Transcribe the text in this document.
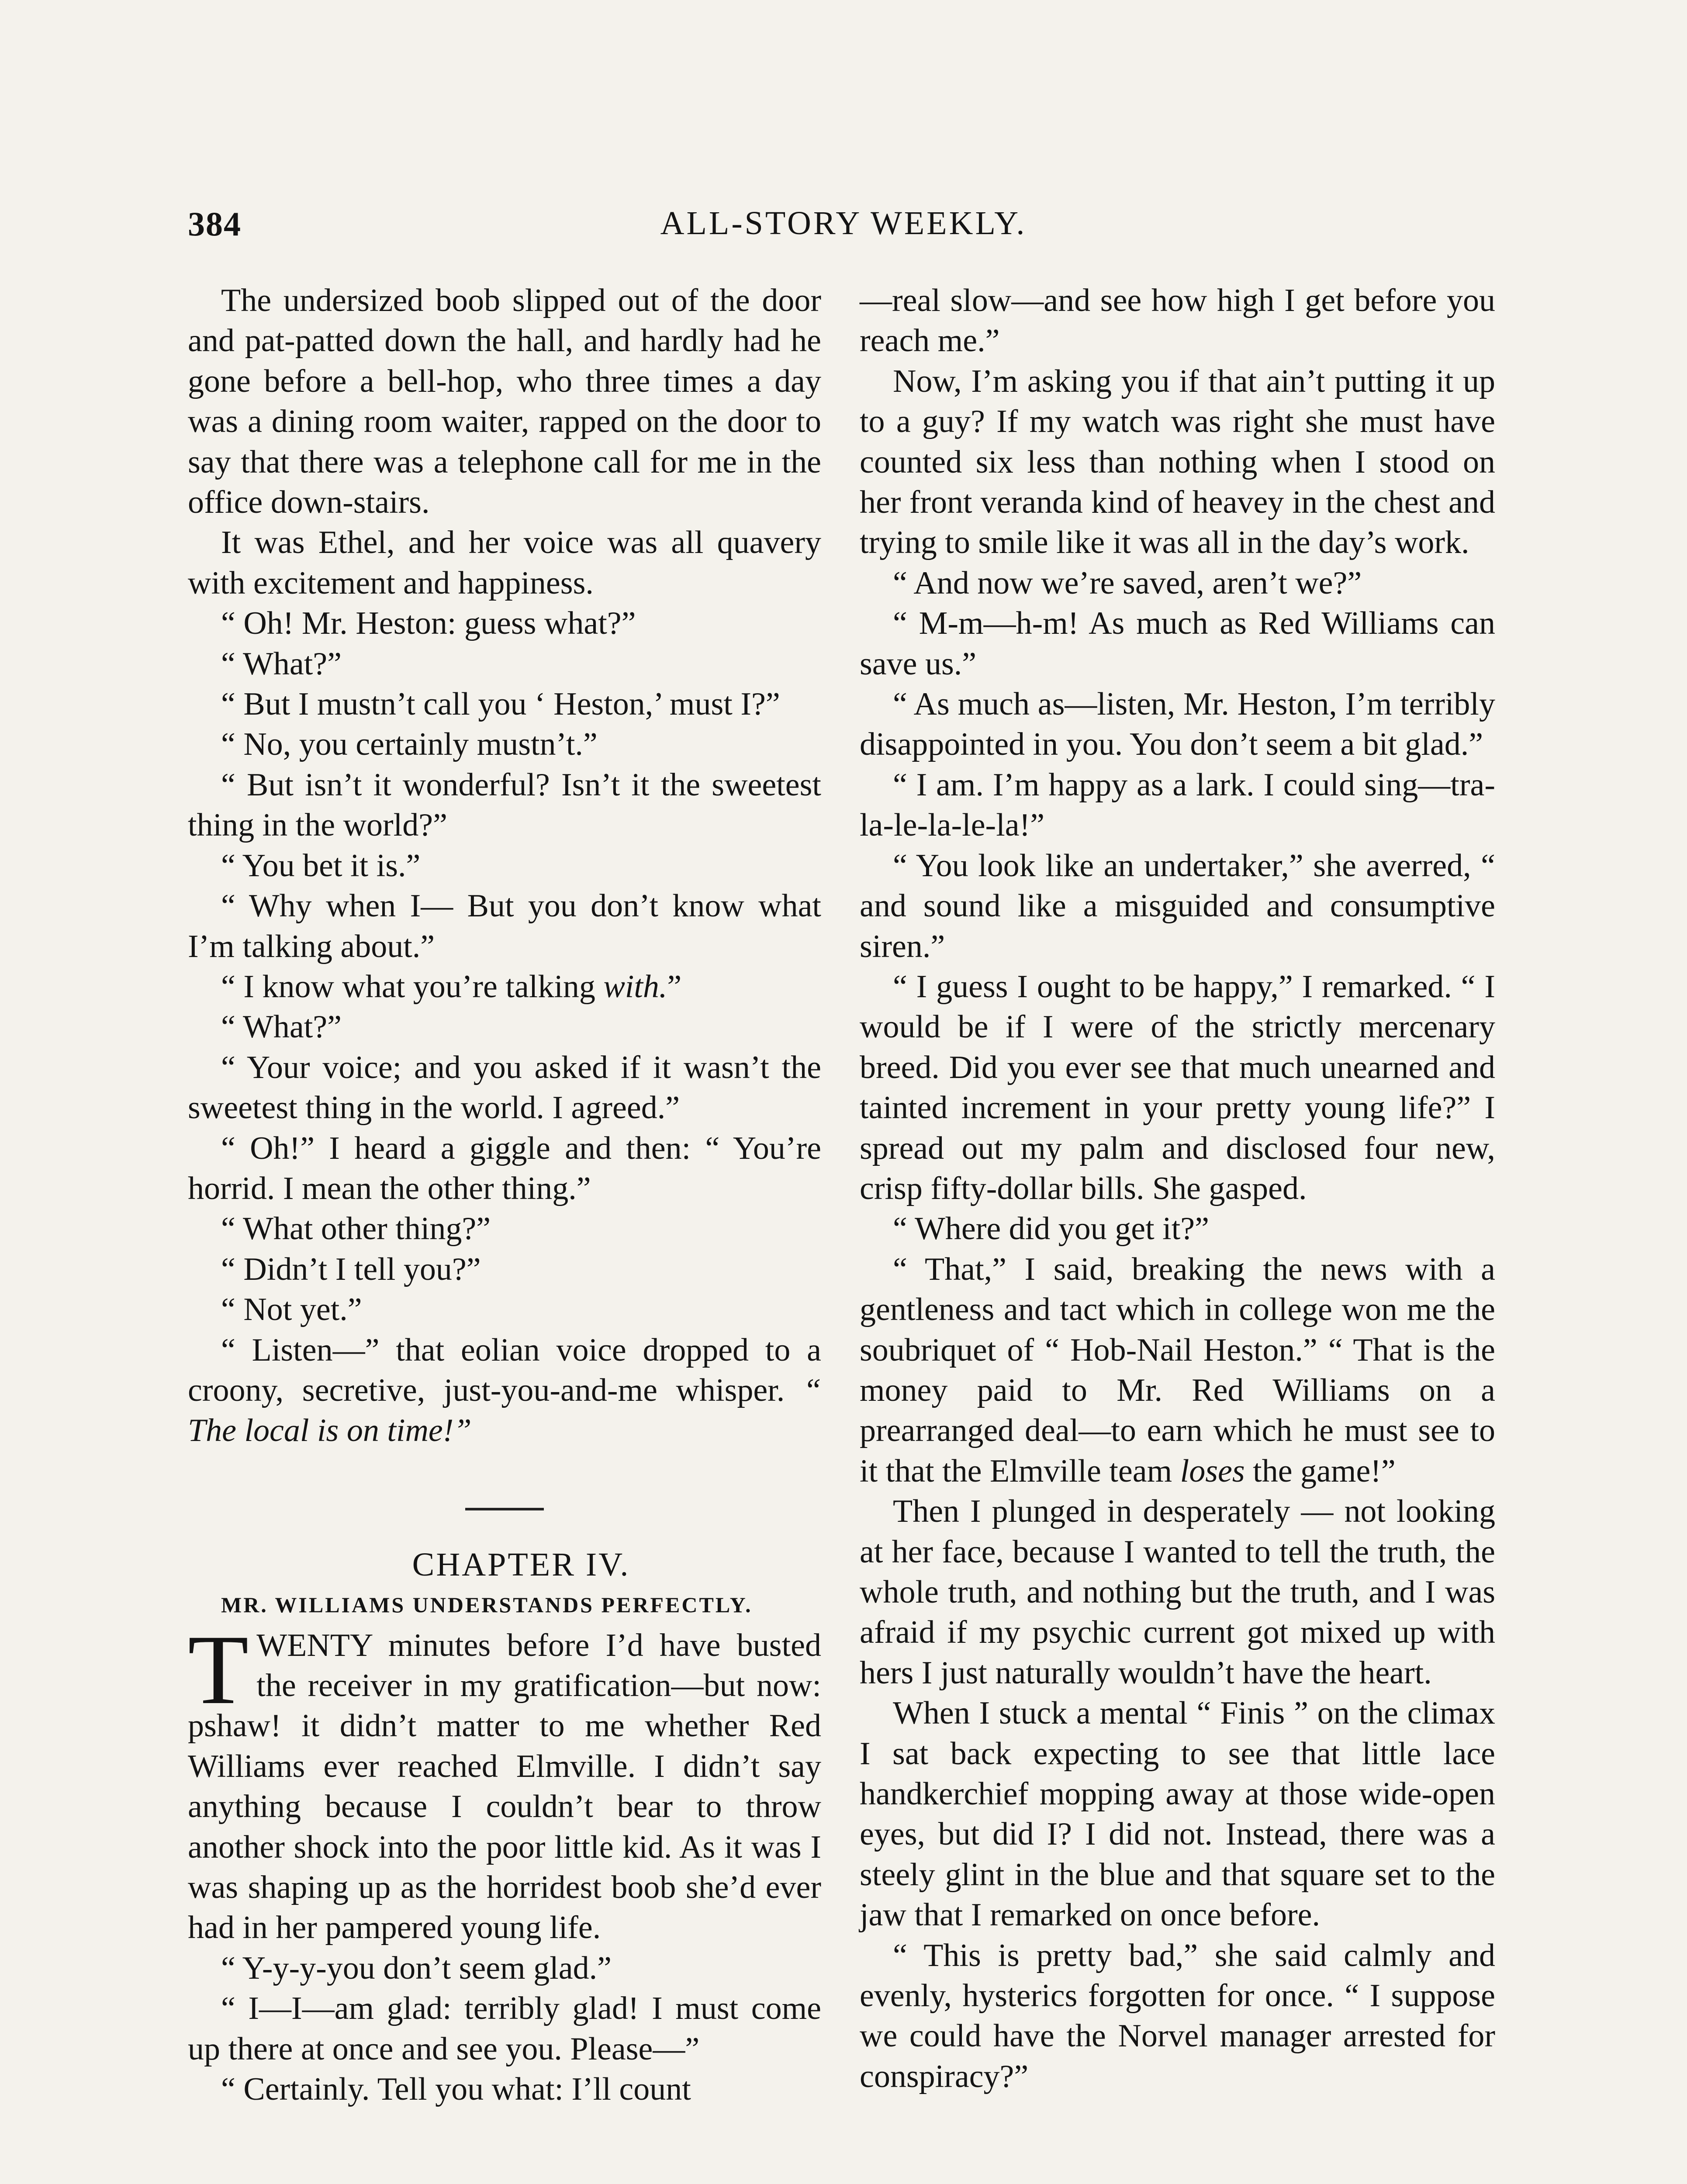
384	ALL-STORY WEEKLY.

The undersized boob slipped out of the door and pat-patted down the hall, and hardly had he gone before a bell-hop, who three times a day was a dining room waiter, rapped on the door to say that there was a telephone call for me in the office down-stairs.

It was Ethel, and her voice was all quavery with excitement and happiness.

“ Oh! Mr. Heston: guess what?”

“ What?”

“ But I mustn’t call you ‘ Heston,’ must I?”

“ No, you certainly mustn’t.”

“ But isn’t it wonderful? Isn’t it the sweetest thing in the world?”

“ You bet it is.”

“ Why when I— But you don’t know what I’m talking about.”

“ I know what you’re talking with.”

“ What?”

“ Your voice; and you asked if it wasn’t the sweetest thing in the world. I agreed.”

“ Oh!” I heard a giggle and then: “ You’re horrid. I mean the other thing.”

“ What other thing?”

“ Didn’t I tell you?”

“ Not yet.”

“ Listen—” that eolian voice dropped to a croony, secretive, just-you-and-me whisper. “ The local is on time!”

CHAPTER IV.

MR. WILLIAMS UNDERSTANDS PERFECTLY.

TWENTY minutes before I’d have busted the receiver in my gratification—but now: pshaw! it didn’t matter to me whether Red Williams ever reached Elmville. I didn’t say anything because I couldn’t bear to throw another shock into the poor little kid. As it was I was shaping up as the horridest boob she’d ever had in her pampered young life.

“ Y-y-y-you don’t seem glad.”

“ I—I—am glad: terribly glad! I must come up there at once and see you. Please—”

“ Certainly. Tell you what: I’ll count

—real slow—and see how high I get before you reach me.”

Now, I’m asking you if that ain’t putting it up to a guy? If my watch was right she must have counted six less than nothing when I stood on her front veranda kind of heavey in the chest and trying to smile like it was all in the day’s work.

“ And now we’re saved, aren’t we?”

“ M-m—h-m! As much as Red Williams can save us.”

“ As much as—listen, Mr. Heston, I’m terribly disappointed in you. You don’t seem a bit glad.”

“ I am. I’m happy as a lark. I could sing—tra-la-le-la-le-la!”

“ You look like an undertaker,” she averred, “ and sound like a misguided and consumptive siren.”

“ I guess I ought to be happy,” I remarked. “ I would be if I were of the strictly mercenary breed. Did you ever see that much unearned and tainted increment in your pretty young life?” I spread out my palm and disclosed four new, crisp fifty-dollar bills. She gasped.

“ Where did you get it?”

“ That,” I said, breaking the news with a gentleness and tact which in college won me the soubriquet of “ Hob-Nail Heston.” “ That is the money paid to Mr. Red Williams on a prearranged deal—to earn which he must see to it that the Elmville team loses the game!”

Then I plunged in desperately — not looking at her face, because I wanted to tell the truth, the whole truth, and nothing but the truth, and I was afraid if my psychic current got mixed up with hers I just naturally wouldn’t have the heart.

When I stuck a mental “ Finis ” on the climax I sat back expecting to see that little lace handkerchief mopping away at those wide-open eyes, but did I? I did not. Instead, there was a steely glint in the blue and that square set to the jaw that I remarked on once before.

“ This is pretty bad,” she said calmly and evenly, hysterics forgotten for once. “ I suppose we could have the Norvel manager arrested for conspiracy?”
